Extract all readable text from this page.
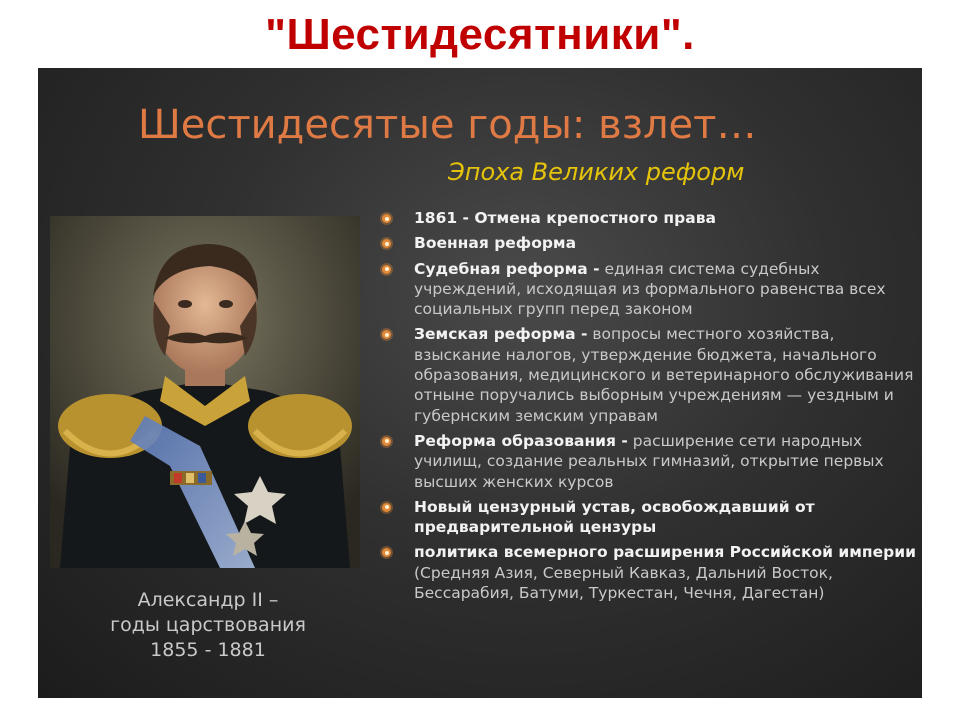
"Шестидесятники".
Шестидесятые годы: взлет…
Эпоха Великих реформ
Александр II –
годы царствования
1855 - 1881
1861 - Отмена крепостного права
Военная реформа
Судебная реформа - единая система судебных учреждений, исходящая из формального равенства всех социальных групп перед законом
Земская реформа - вопросы местного хозяйства, взыскание налогов, утверждение бюджета, начального образования, медицинского и ветеринарного обслуживания отныне поручались выборным учреждениям — уездным и губернским земским управам
Реформа образования - расширение сети народных училищ, создание реальных гимназий, открытие первых высших женских курсов
Новый цензурный устав, освобождавший от предварительной цензуры
политика всемерного расширения Российской империи (Средняя Азия, Северный Кавказ, Дальний Восток, Бессарабия, Батуми, Туркестан, Чечня, Дагестан)
